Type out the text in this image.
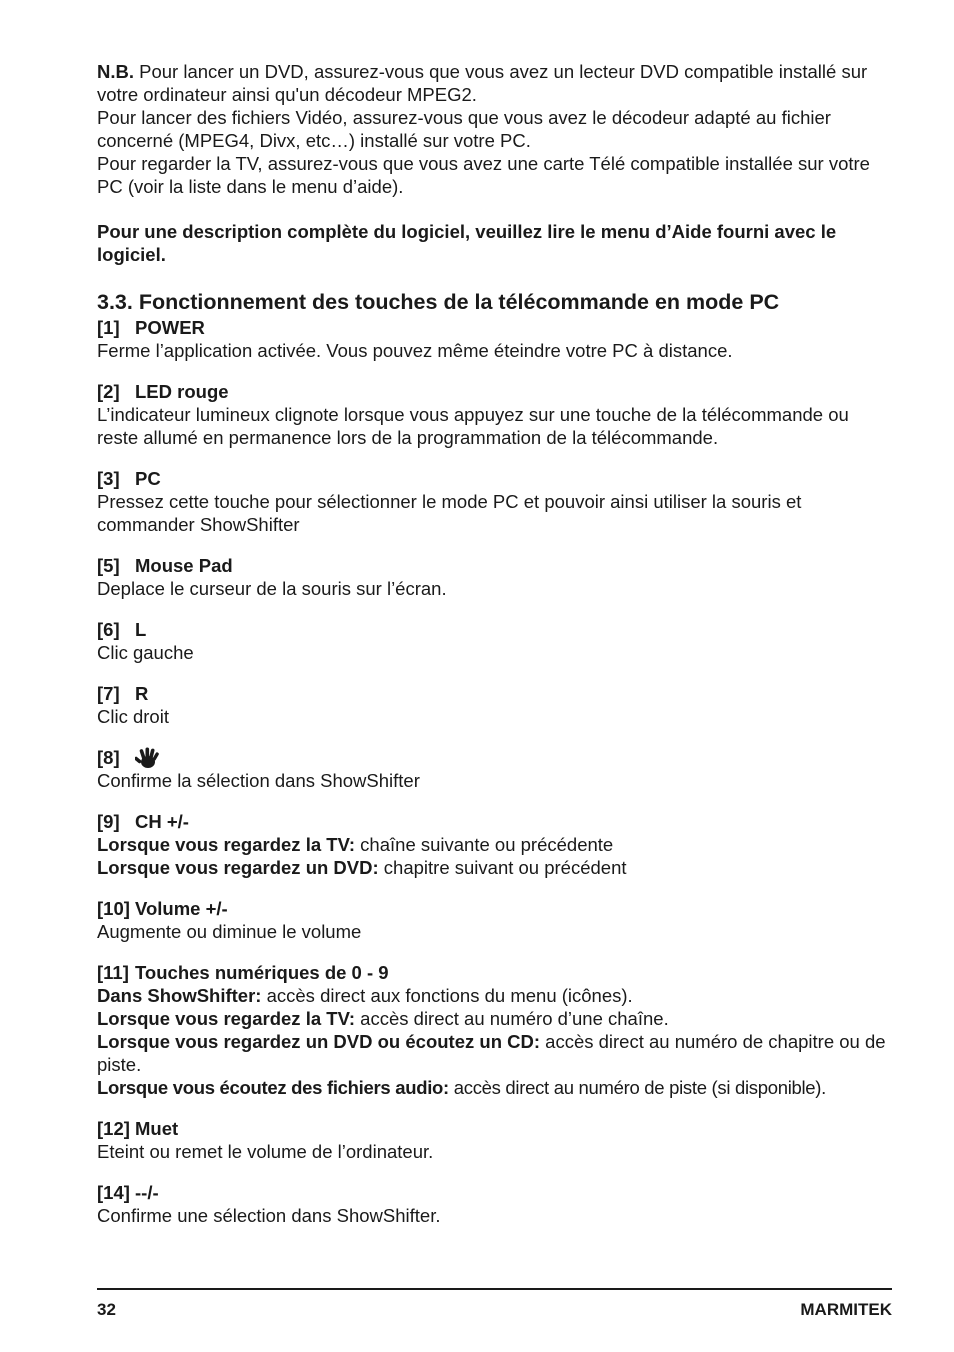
N.B. Pour lancer un DVD, assurez-vous que vous avez un lecteur DVD compatible installé sur votre ordinateur ainsi qu'un décodeur MPEG2.

Pour lancer des fichiers Vidéo, assurez-vous que vous avez le décodeur adapté au fichier concerné (MPEG4, Divx, etc…) installé sur votre PC.

Pour regarder la TV, assurez-vous que vous avez une carte Télé compatible installée sur votre PC (voir la liste dans le menu d’aide).

Pour une description complète du logiciel, veuillez lire le menu d’Aide fourni avec le logiciel.

3.3. Fonctionnement des touches de la télécommande en mode PC
[1] POWER

Ferme l’application activée. Vous pouvez même éteindre votre PC à distance.

[2] LED rouge

L’indicateur lumineux clignote lorsque vous appuyez sur une touche de la télécommande ou reste allumé en permanence lors de la programmation de la télécommande.

[3] PC

Pressez cette touche pour sélectionner le mode PC et pouvoir ainsi utiliser la souris et commander ShowShifter

[5] Mouse Pad

Deplace le curseur de la souris sur l’écran.

[6] L

Clic gauche

[7] R

Clic droit

[8]

Confirme la sélection dans ShowShifter

[9] CH +/-

Lorsque vous regardez la TV: chaîne suivante ou précédente

Lorsque vous regardez un DVD: chapitre suivant ou précédent

[10] Volume +/-

Augmente ou diminue le volume

[11] Touches numériques de 0 - 9

Dans ShowShifter: accès direct aux fonctions du menu (icônes).

Lorsque vous regardez la TV: accès direct au numéro d’une chaîne.

Lorsque vous regardez un DVD ou écoutez un CD: accès direct au numéro de chapitre ou de piste.

Lorsque vous écoutez des fichiers audio: accès direct au numéro de piste (si disponible).

[12] Muet

Eteint ou remet le volume de l’ordinateur.

[14] --/-

Confirme une sélection dans ShowShifter.

32	MARMITEK
